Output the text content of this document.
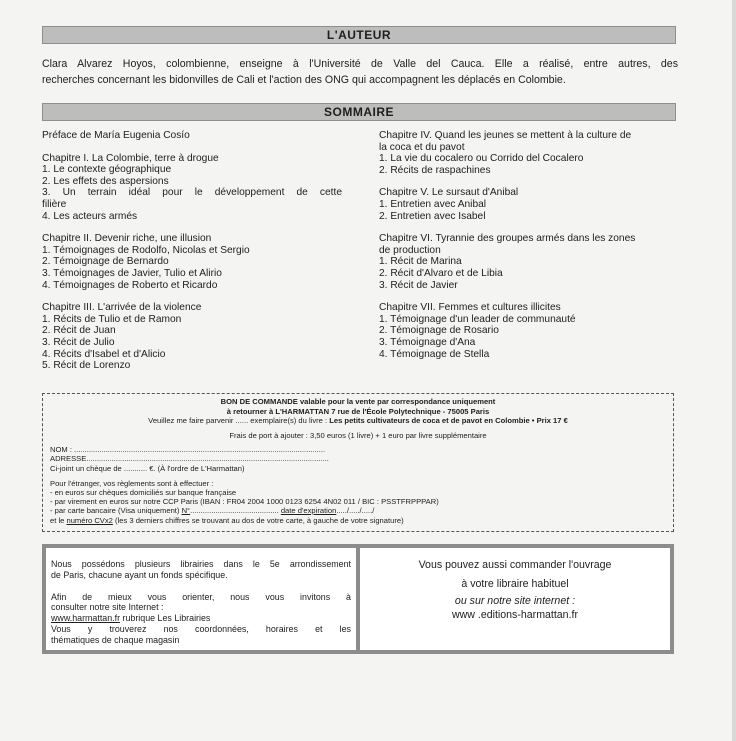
L'AUTEUR
Clara Alvarez Hoyos, colombienne, enseigne à l'Université de Valle del Cauca. Elle a réalisé, entre autres, des
recherches concernant les bidonvilles de Cali et l'action des ONG qui accompagnent les déplacés en Colombie.
SOMMAIRE
Préface de María Eugenia Cosío
Chapitre I. La Colombie, terre à drogue
1. Le contexte géographique
2. Les effets des aspersions
3. Un terrain idéal pour le développement de cette
filière
4. Les acteurs armés
Chapitre II. Devenir riche, une illusion
1. Témoignages de Rodolfo, Nicolas et Sergio
2. Témoignage de Bernardo
3. Témoignages de Javier, Tulio et Alirio
4. Témoignages de Roberto et Ricardo
Chapitre III. L'arrivée de la violence
1. Récits de Tulio et de Ramon
2. Récit de Juan
3. Récit de Julio
4. Récits d'Isabel et d'Alicio
5. Récit de Lorenzo
Chapitre IV. Quand les jeunes se mettent à la culture de
la coca et du pavot
1. La vie du cocalero ou Corrido del Cocalero
2. Récits de raspachines
Chapitre V. Le sursaut d'Anibal
1. Entretien avec Anibal
2. Entretien avec Isabel
Chapitre VI. Tyrannie des groupes armés dans les zones
de production
1. Récit de Marina
2. Récit d'Alvaro et de Libia
3. Récit de Javier
Chapitre VII. Femmes et cultures illicites
1. Témoignage d'un leader de communauté
2. Témoignage de Rosario
3. Témoignage d'Ana
4. Témoignage de Stella
BON DE COMMANDE valable pour la vente par correspondance uniquement
à retourner à L'HARMATTAN 7 rue de l'École Polytechnique - 75005 Paris
Veuillez me faire parvenir ...... exemplaire(s) du livre : Les petits cultivateurs de coca et de pavot en Colombie • Prix 17 €
Frais de port à ajouter : 3,50 euros (1 livre) + 1 euro par livre supplémentaire
NOM : .......................................................................................................................
ADRESSE...................................................................................................................
Ci-joint un chèque de ........... €. (À l'ordre de L'Harmattan)
Pour l'étranger, vos règlements sont à effectuer :
- en euros sur chèques domiciliés sur banque française
- par virement en euros sur notre CCP Paris (IBAN : FR04 2004 1000 0123 6254 4N02 011 / BIC : PSSTFRPPPAR)
- par carte bancaire (Visa uniquement) N°.......................................... date d'expiration...../...../...../
et le numéro CVx2 (les 3 derniers chiffres se trouvant au dos de votre carte, à gauche de votre signature)

Nous possédons plusieurs librairies dans le 5e arrondissement

de Paris, chacune ayant un fonds spécifique.

Afin de mieux vous orienter, nous vous invitons à

consulter notre site Internet :

www.harmattan.fr rubrique Les Librairies

Vous y trouverez nos coordonnées, horaires et les

thématiques de chaque magasin

Vous pouvez aussi commander l'ouvrage
à votre libraire habituel
ou sur notre site internet :
www .editions-harmattan.fr
